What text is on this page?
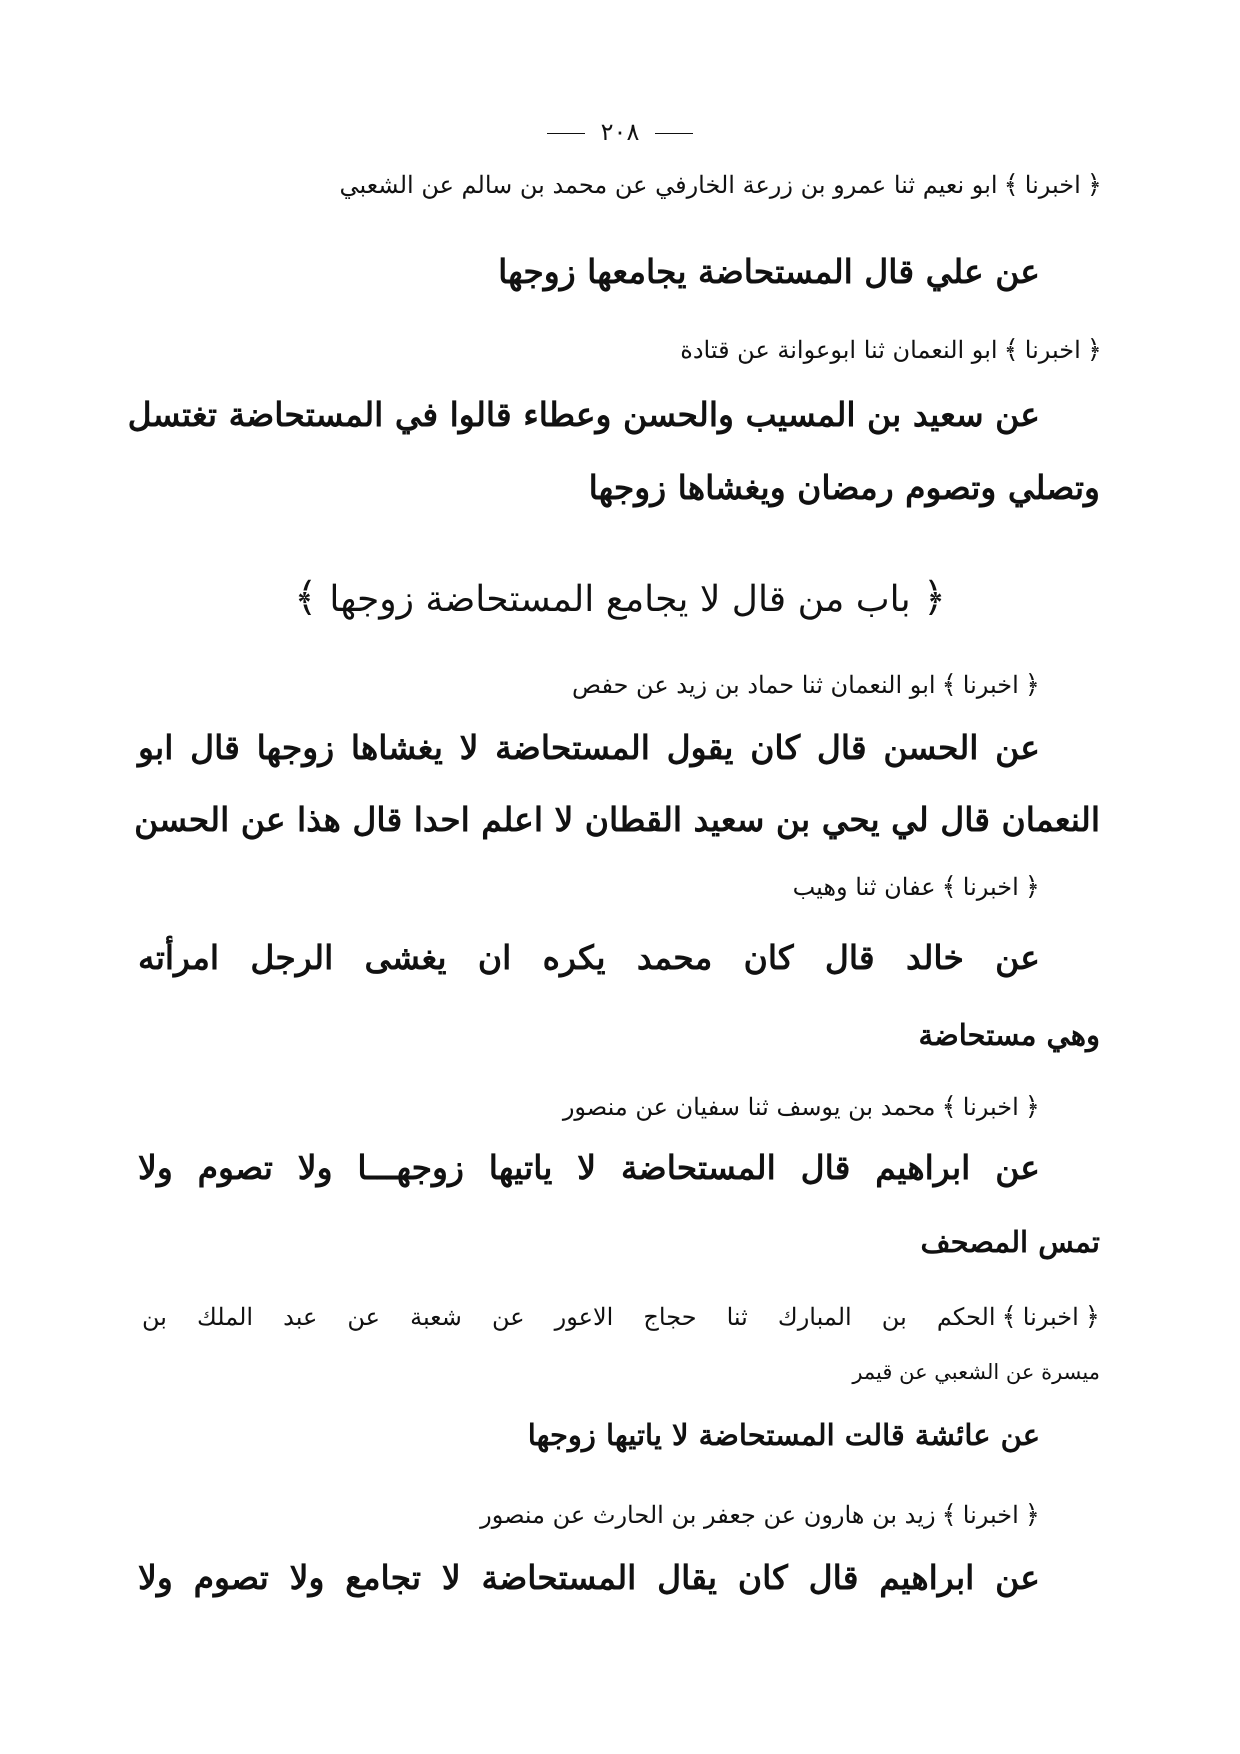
٢٠٨
﴿اخبرنا﴾ابو نعيم ثنا عمرو بن زرعة الخارفي عن محمد بن سالم عن الشعبي
عن علي قال المستحاضة يجامعها زوجها
﴿اخبرنا﴾ابو النعمان ثنا ابوعوانة عن قتادة
عن سعيد بن المسيب والحسن وعطاء قالوا في المستحاضة تغتسل
وتصلي وتصوم رمضان ويغشاها زوجها
﴿باب من قال لا يجامع المستحاضة زوجها﴾
﴿اخبرنا﴾ابو النعمان ثنا حماد بن زيد عن حفص
عن الحسن قال كان يقول المستحاضة لا يغشاها زوجها قال ابو
النعمان قال لي يحي بن سعيد القطان لا اعلم احدا قال هذا عن الحسن
﴿اخبرنا﴾عفان ثنا وهيب
عن خالد قال كان محمد يكره ان يغشى الرجل امرأته
وهي مستحاضة
﴿اخبرنا﴾محمد بن يوسف ثنا سفيان عن منصور
عن ابراهيم قال المستحاضة لا ياتيها زوجهـــا ولا تصوم ولا
تمس المصحف
﴿اخبرنا﴾الحكم بن المبارك ثنا حجاج الاعور عن شعبة عن عبد الملك بن
ميسرة عن الشعبي عن قيمر
عن عائشة قالت المستحاضة لا ياتيها زوجها
﴿اخبرنا﴾زيد بن هارون عن جعفر بن الحارث عن منصور
عن ابراهيم قال كان يقال المستحاضة لا تجامع ولا تصوم ولا
